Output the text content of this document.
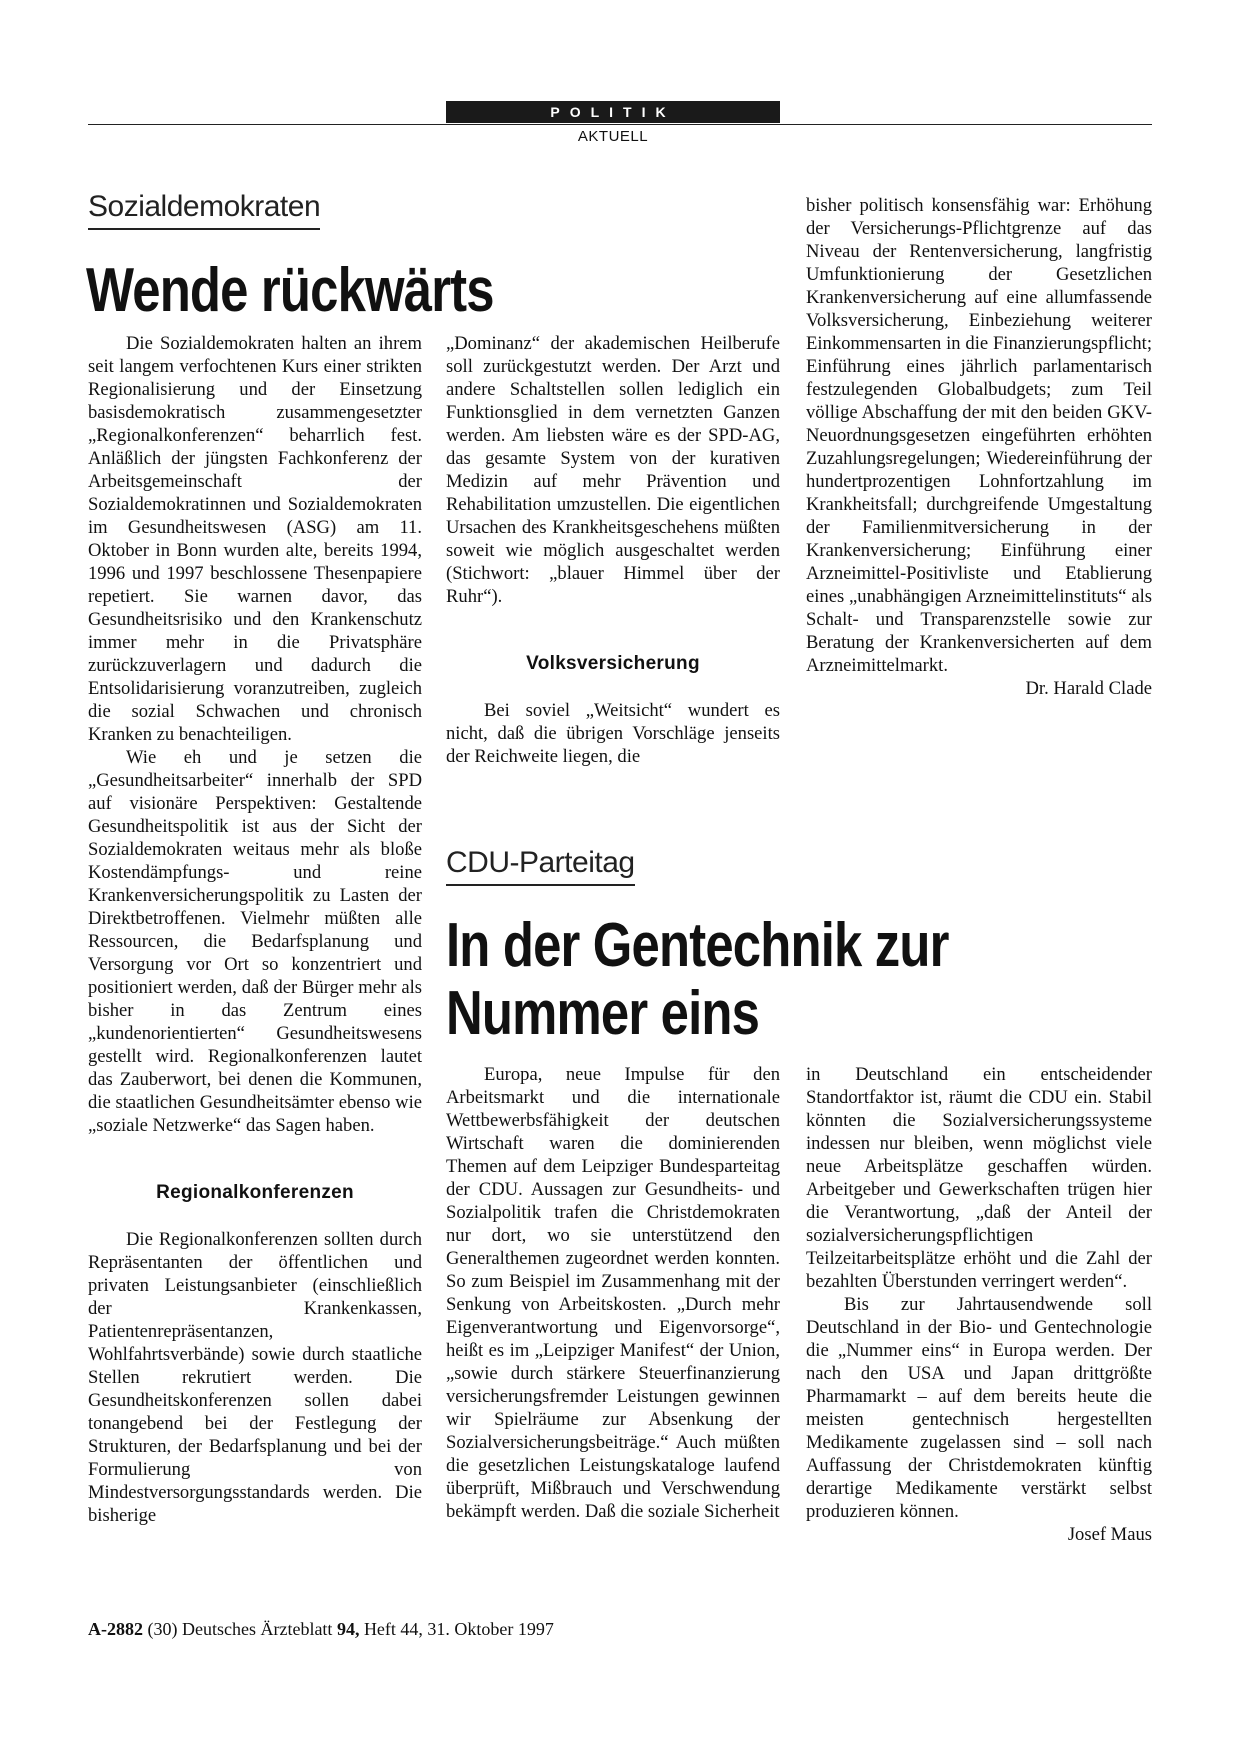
POLITIK
AKTUELL
Sozialdemokraten
Wende rückwärts

Die Sozialdemokraten halten an ihrem seit langem verfochtenen Kurs einer strikten Regionalisierung und der Einsetzung basisdemokratisch zusammengesetzter „Regionalkonferenzen“ beharrlich fest. Anläßlich der jüngsten Fachkonferenz der Arbeitsgemeinschaft der Sozialdemokratinnen und Sozialdemokraten im Gesundheitswesen (ASG) am 11. Oktober in Bonn wurden alte, bereits 1994, 1996 und 1997 beschlossene Thesenpapiere repetiert. Sie warnen davor, das Gesundheitsrisiko und den Krankenschutz immer mehr in die Privatsphäre zurückzuverlagern und dadurch die Entsolidarisierung voranzutreiben, zugleich die sozial Schwachen und chronisch Kranken zu benachteiligen.

Wie eh und je setzen die „Gesundheitsarbeiter“ innerhalb der SPD auf visionäre Perspektiven: Gestaltende Gesundheitspolitik ist aus der Sicht der Sozialdemokraten weitaus mehr als bloße Kostendämpfungs- und reine Krankenversicherungspolitik zu Lasten der Direktbetroffenen. Vielmehr müßten alle Ressourcen, die Bedarfsplanung und Versorgung vor Ort so konzentriert und positioniert werden, daß der Bürger mehr als bisher in das Zentrum eines „kundenorientierten“ Gesundheitswesens gestellt wird. Regionalkonferenzen lautet das Zauberwort, bei denen die Kommunen, die staatlichen Gesundheitsämter ebenso wie „soziale Netzwerke“ das Sagen haben.

Regionalkonferenzen

Die Regionalkonferenzen sollten durch Repräsentanten der öffentlichen und privaten Leistungsanbieter (einschließlich der Krankenkassen, Patientenrepräsentanzen, Wohlfahrtsverbände) sowie durch staatliche Stellen rekrutiert werden. Die Gesundheitskonferenzen sollen dabei tonangebend bei der Festlegung der Strukturen, der Bedarfsplanung und bei der Formulierung von Mindestversorgungsstandards werden. Die bisherige

„Dominanz“ der akademischen Heilberufe soll zurückgestutzt werden. Der Arzt und andere Schaltstellen sollen lediglich ein Funktionsglied in dem vernetzten Ganzen werden. Am liebsten wäre es der SPD-AG, das gesamte System von der kurativen Medizin auf mehr Prävention und Rehabilitation umzustellen. Die eigentlichen Ursachen des Krankheitsgeschehens müßten soweit wie möglich ausgeschaltet werden (Stichwort: „blauer Himmel über der Ruhr“).

Volksversicherung

Bei soviel „Weitsicht“ wundert es nicht, daß die übrigen Vorschläge jenseits der Reichweite liegen, die

bisher politisch konsensfähig war: Erhöhung der Versicherungs-Pflichtgrenze auf das Niveau der Rentenversicherung, langfristig Umfunktionierung der Gesetzlichen Krankenversicherung auf eine allumfassende Volksversicherung, Einbeziehung weiterer Einkommensarten in die Finanzierungspflicht; Einführung eines jährlich parlamentarisch festzulegenden Globalbudgets; zum Teil völlige Abschaffung der mit den beiden GKV-Neuordnungsgesetzen eingeführten erhöhten Zuzahlungsregelungen; Wiedereinführung der hundertprozentigen Lohnfortzahlung im Krankheitsfall; durchgreifende Umgestaltung der Familienmitversicherung in der Krankenversicherung; Einführung einer Arzneimittel-Positivliste und Etablierung eines „unabhängigen Arzneimittelinstituts“ als Schalt- und Transparenzstelle sowie zur Beratung der Krankenversicherten auf dem Arzneimittelmarkt.

Dr. Harald Clade
CDU-Parteitag
In der Gentechnik zur
Nummer eins

Europa, neue Impulse für den Arbeitsmarkt und die internationale Wettbewerbsfähigkeit der deutschen Wirtschaft waren die dominierenden Themen auf dem Leipziger Bundesparteitag der CDU. Aussagen zur Gesundheits- und Sozialpolitik trafen die Christdemokraten nur dort, wo sie unterstützend den Generalthemen zugeordnet werden konnten. So zum Beispiel im Zusammenhang mit der Senkung von Arbeitskosten. „Durch mehr Eigenverantwortung und Eigenvorsorge“, heißt es im „Leipziger Manifest“ der Union, „sowie durch stärkere Steuerfinanzierung versicherungsfremder Leistungen gewinnen wir Spielräume zur Absenkung der Sozialversicherungsbeiträge.“ Auch müßten die gesetzlichen Leistungskataloge laufend überprüft, Mißbrauch und Verschwendung bekämpft werden. Daß die soziale Sicherheit

in Deutschland ein entscheidender Standortfaktor ist, räumt die CDU ein. Stabil könnten die Sozialversicherungssysteme indessen nur bleiben, wenn möglichst viele neue Arbeitsplätze geschaffen würden. Arbeitgeber und Gewerkschaften trügen hier die Verantwortung, „daß der Anteil der sozialversicherungspflichtigen Teilzeitarbeitsplätze erhöht und die Zahl der bezahlten Überstunden verringert werden“.

Bis zur Jahrtausendwende soll Deutschland in der Bio- und Gentechnologie die „Nummer eins“ in Europa werden. Der nach den USA und Japan drittgrößte Pharmamarkt – auf dem bereits heute die meisten gentechnisch hergestellten Medikamente zugelassen sind – soll nach Auffassung der Christdemokraten künftig derartige Medikamente verstärkt selbst produzieren können.

Josef Maus
A-2882 (30) Deutsches Ärzteblatt 94, Heft 44, 31. Oktober 1997
